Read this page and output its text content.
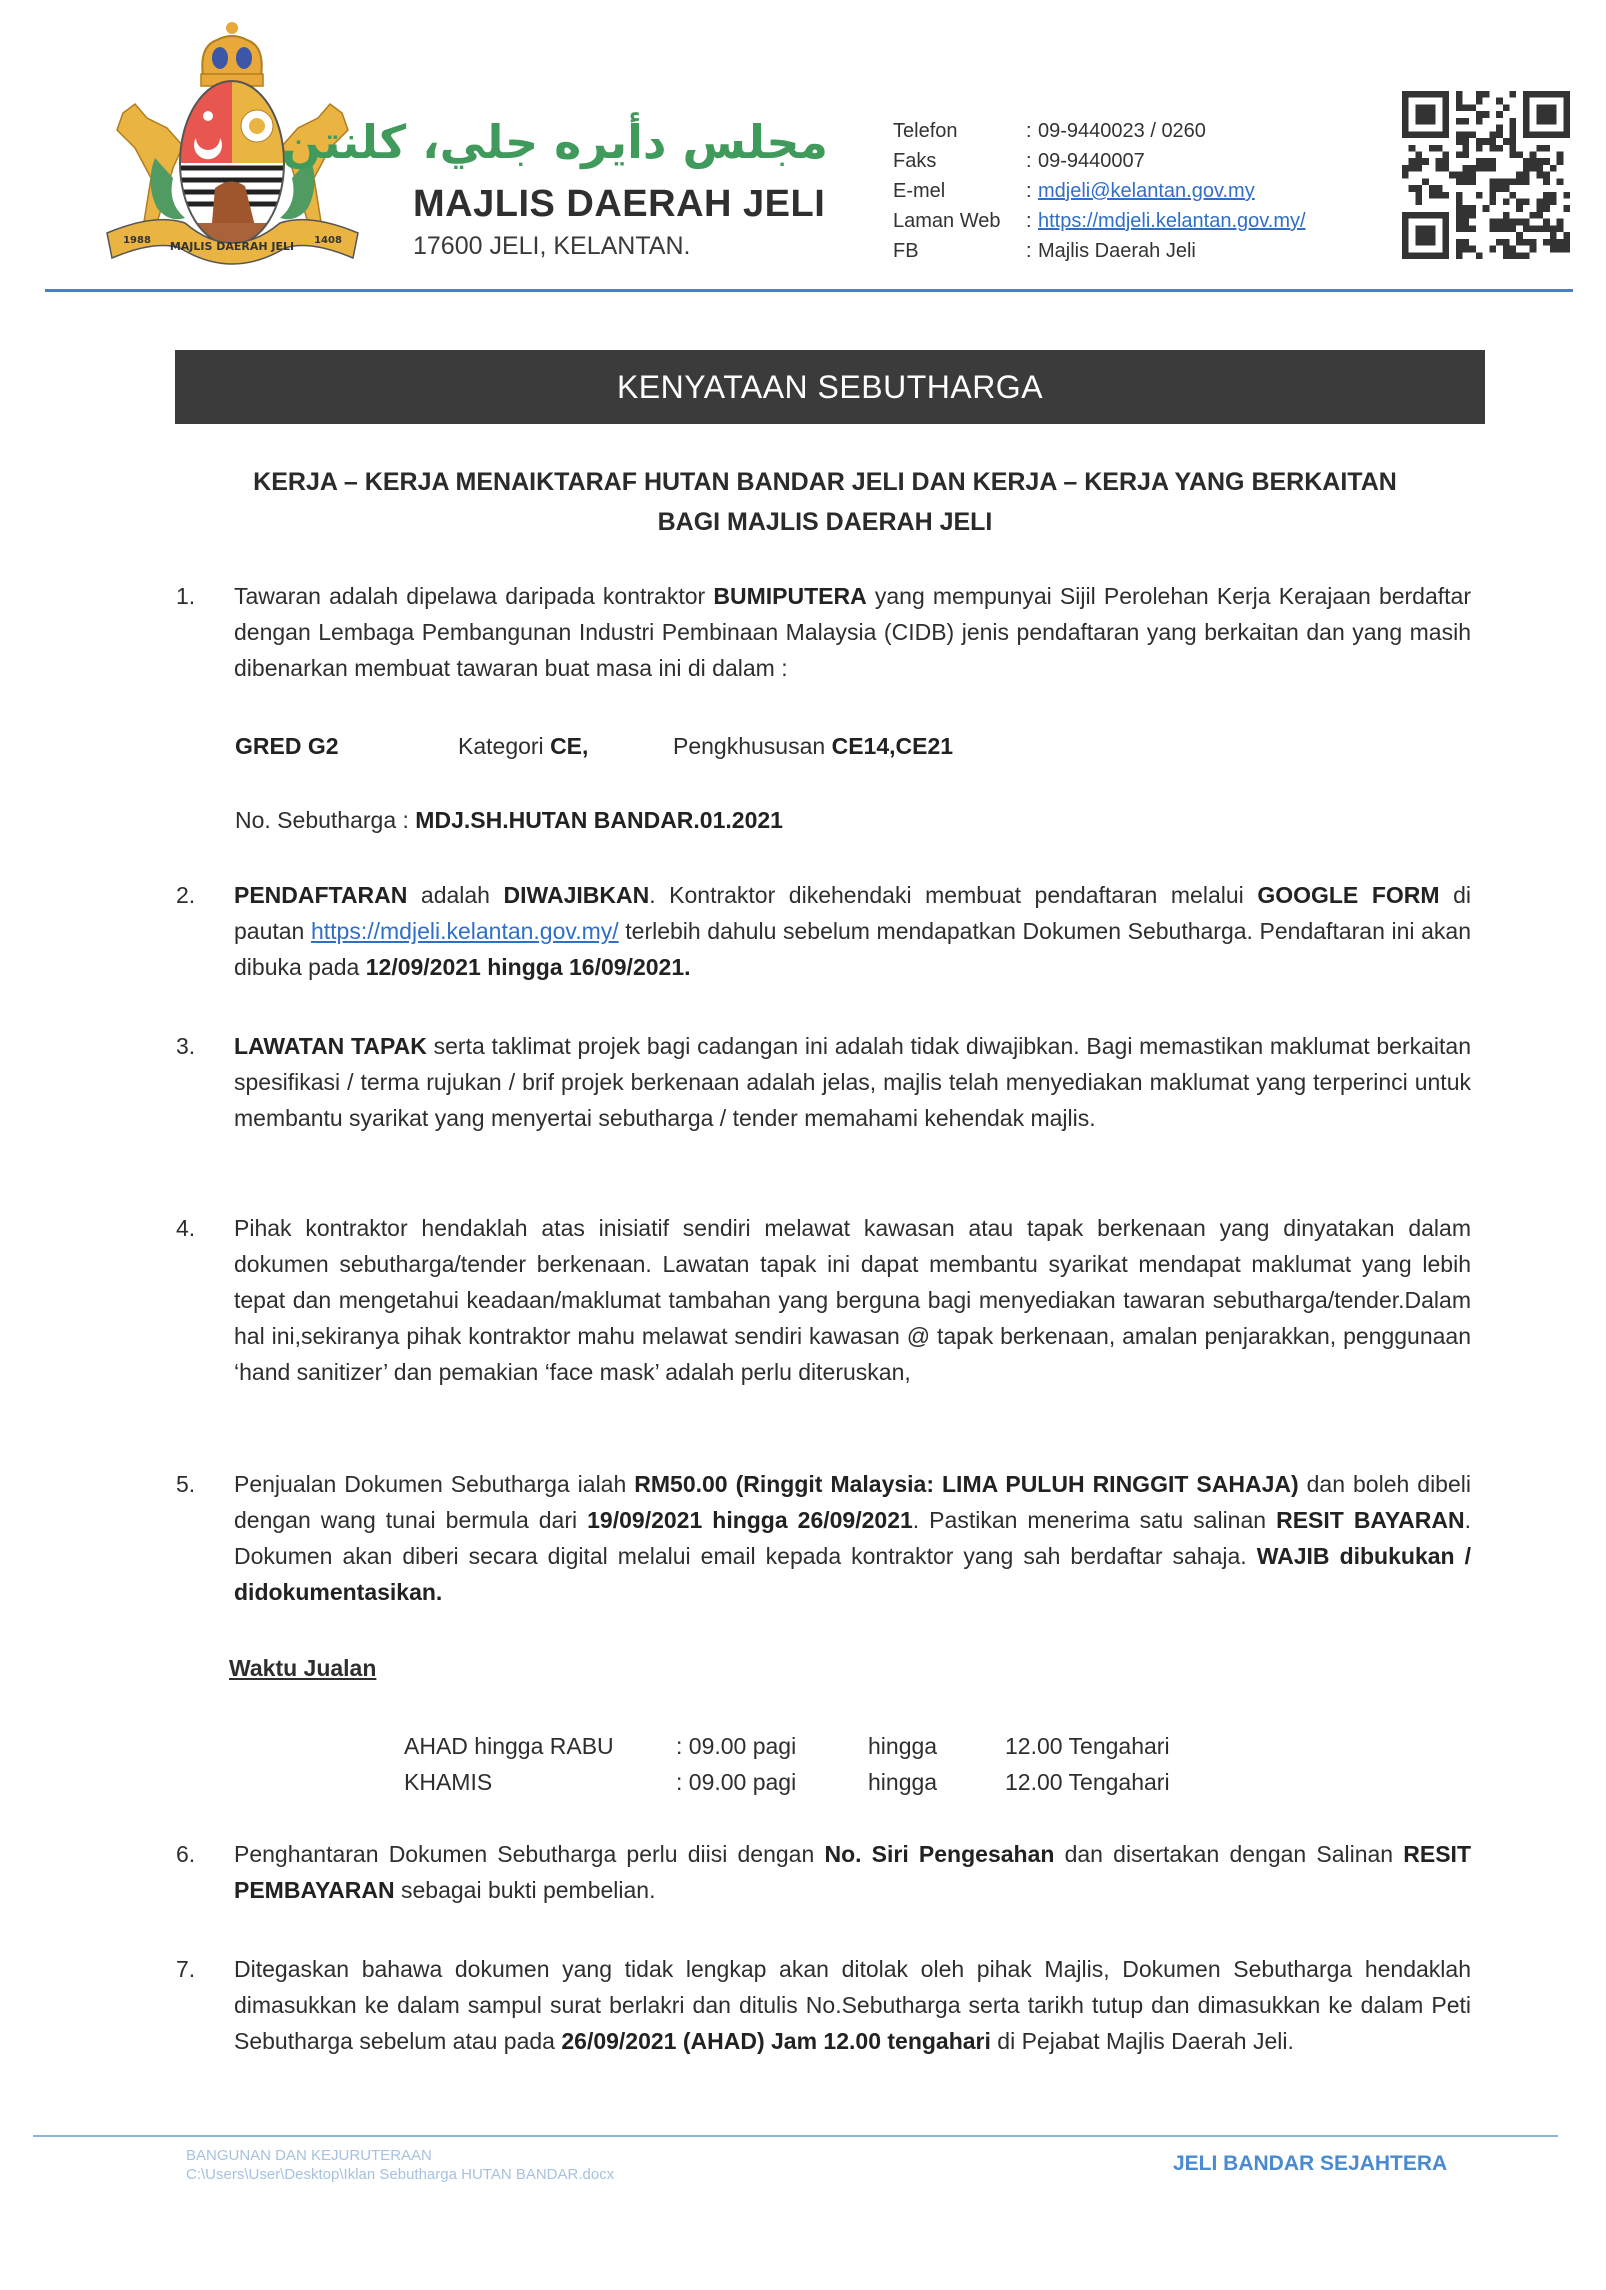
MAJLIS DAERAH JELI
1988	1408
مجلس دأيره جلي، كلنتن
MAJLIS DAERAH JELI
17600 JELI, KELANTAN.
Telefon	: 09-9440023 / 0260
Faks	: 09-9440007
E-mel	: mdjeli@kelantan.gov.my
Laman Web	: https://mdjeli.kelantan.gov.my/
FB	: Majlis Daerah Jeli
KENYATAAN SEBUTHARGA
KERJA – KERJA MENAIKTARAF HUTAN BANDAR JELI DAN KERJA – KERJA YANG BERKAITAN
BAGI MAJLIS DAERAH JELI
1.	Tawaran adalah dipelawa daripada kontraktor BUMIPUTERA yang mempunyai Sijil Perolehan Kerja Kerajaan berdaftar dengan Lembaga Pembangunan Industri Pembinaan Malaysia (CIDB) jenis pendaftaran yang berkaitan dan yang masih dibenarkan membuat tawaran buat masa ini di dalam :
GRED G2	Kategori CE,	Pengkhususan CE14,CE21
No. Sebutharga : MDJ.SH.HUTAN BANDAR.01.2021
2.	PENDAFTARAN adalah DIWAJIBKAN. Kontraktor dikehendaki membuat pendaftaran melalui GOOGLE FORM di pautan https://mdjeli.kelantan.gov.my/ terlebih dahulu sebelum mendapatkan Dokumen Sebutharga. Pendaftaran ini akan dibuka pada 12/09/2021 hingga 16/09/2021.
3.	LAWATAN TAPAK serta taklimat projek bagi cadangan ini adalah tidak diwajibkan. Bagi memastikan maklumat berkaitan spesifikasi / terma rujukan / brif projek berkenaan adalah jelas, majlis telah menyediakan maklumat yang terperinci untuk membantu syarikat yang menyertai sebutharga / tender memahami kehendak majlis.
4.	Pihak kontraktor hendaklah atas inisiatif sendiri melawat kawasan atau tapak berkenaan yang dinyatakan dalam dokumen sebutharga/tender berkenaan. Lawatan tapak ini dapat membantu syarikat mendapat maklumat yang lebih tepat dan mengetahui keadaan/maklumat tambahan yang berguna bagi menyediakan tawaran sebutharga/tender.Dalam hal ini,sekiranya pihak kontraktor mahu melawat sendiri kawasan @ tapak berkenaan, amalan penjarakkan, penggunaan ‘hand sanitizer’ dan pemakian ‘face mask’ adalah perlu diteruskan,
5.	Penjualan Dokumen Sebutharga ialah RM50.00 (Ringgit Malaysia: LIMA PULUH RINGGIT SAHAJA) dan boleh dibeli dengan wang tunai bermula dari 19/09/2021 hingga 26/09/2021. Pastikan menerima satu salinan RESIT BAYARAN. Dokumen akan diberi secara digital melalui email kepada kontraktor yang sah berdaftar sahaja. WAJIB dibukukan / didokumentasikan.
Waktu Jualan
AHAD hingga RABU	: 09.00 pagi	hingga	12.00 Tengahari
KHAMIS	: 09.00 pagi	hingga	12.00 Tengahari
6.	Penghantaran Dokumen Sebutharga perlu diisi dengan No. Siri Pengesahan dan disertakan dengan Salinan RESIT PEMBAYARAN sebagai bukti pembelian.
7.	Ditegaskan bahawa dokumen yang tidak lengkap akan ditolak oleh pihak Majlis, Dokumen Sebutharga hendaklah dimasukkan ke dalam sampul surat berlakri dan ditulis No.Sebutharga serta tarikh tutup dan dimasukkan ke dalam Peti Sebutharga sebelum atau pada 26/09/2021 (AHAD) Jam 12.00 tengahari di Pejabat Majlis Daerah Jeli.
BANGUNAN DAN KEJURUTERAAN
C:\Users\User\Desktop\Iklan Sebutharga HUTAN BANDAR.docx	JELI BANDAR SEJAHTERA
